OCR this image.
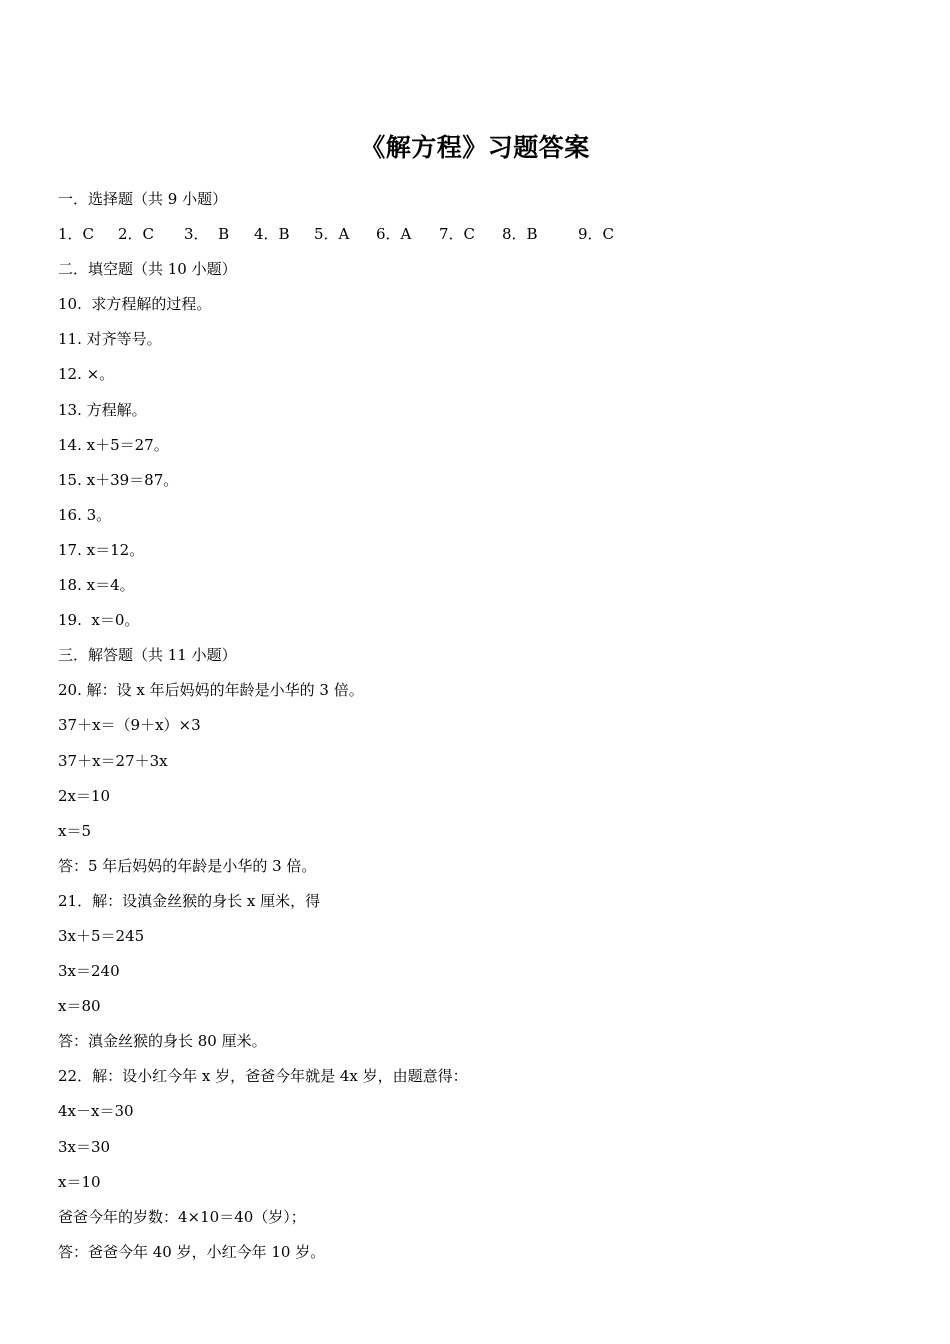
《解方程》习题答案
一．选择题（共 9 小题）
1．C	2．C	3．  B	4．B	5．A	6．A	7．C	8．B	9．C
二．填空题（共 10 小题）
10.  求方程解的过程。
11. 对齐等号。
12. ×。
13. 方程解。
14. x＋5＝27。
15. x＋39＝87。
16. 3。
17. x＝12。
18. x＝4。
19.  x＝0。
三．解答题（共 11 小题）
20. 解：设 x 年后妈妈的年龄是小华的 3 倍。
37＋x＝（9＋x）×3
37＋x＝27＋3x
2x＝10
x＝5
答：5 年后妈妈的年龄是小华的 3 倍。
21．解：设滇金丝猴的身长 x 厘米，得
3x＋5＝245
3x＝240
x＝80
答：滇金丝猴的身长 80 厘米。
22．解：设小红今年 x 岁，爸爸今年就是 4x 岁，由题意得：
4x－x＝30
3x＝30
x＝10
爸爸今年的岁数：4×10＝40（岁）；
答：爸爸今年 40 岁，小红今年 10 岁。
